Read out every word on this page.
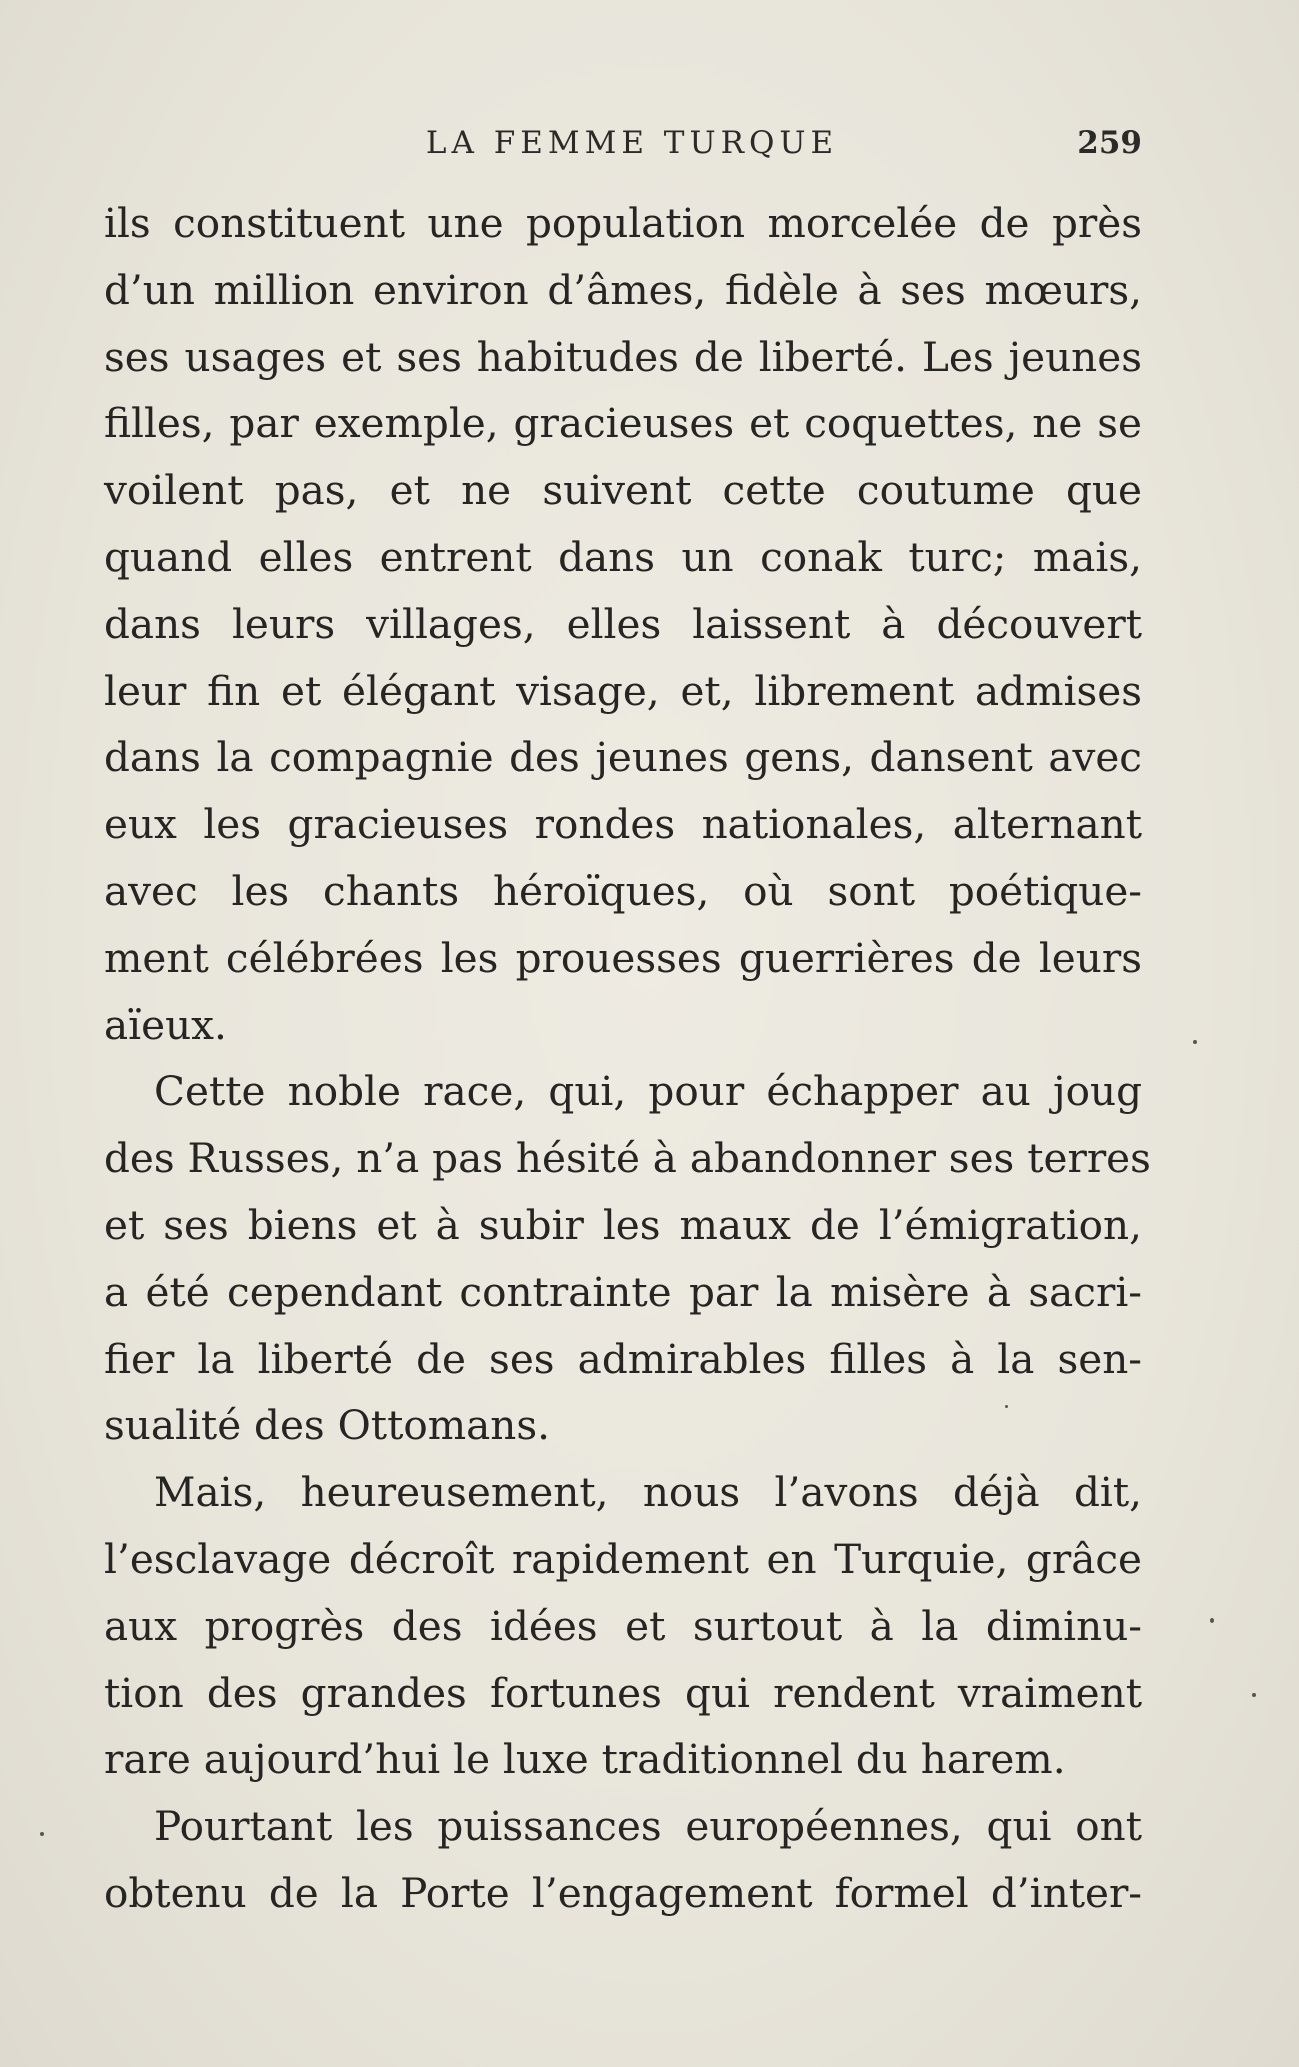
LA FEMME TURQUE	259
ils constituent une population morcelée de près
d’un million environ d’âmes, fidèle à ses mœurs,
ses usages et ses habitudes de liberté. Les jeunes
filles, par exemple, gracieuses et coquettes, ne se
voilent pas, et ne suivent cette coutume que
quand elles entrent dans un conak turc; mais,
dans leurs villages, elles laissent à découvert
leur fin et élégant visage, et, librement admises
dans la compagnie des jeunes gens, dansent avec
eux les gracieuses rondes nationales, alternant
avec les chants héroïques, où sont poétique-
ment célébrées les prouesses guerrières de leurs
aïeux.
Cette noble race, qui, pour échapper au joug
des Russes, n’a pas hésité à abandonner ses terres
et ses biens et à subir les maux de l’émigration,
a été cependant contrainte par la misère à sacri-
fier la liberté de ses admirables filles à la sen-
sualité des Ottomans.
Mais, heureusement, nous l’avons déjà dit,
l’esclavage décroît rapidement en Turquie, grâce
aux progrès des idées et surtout à la diminu-
tion des grandes fortunes qui rendent vraiment
rare aujourd’hui le luxe traditionnel du harem.
Pourtant les puissances européennes, qui ont
obtenu de la Porte l’engagement formel d’inter-
